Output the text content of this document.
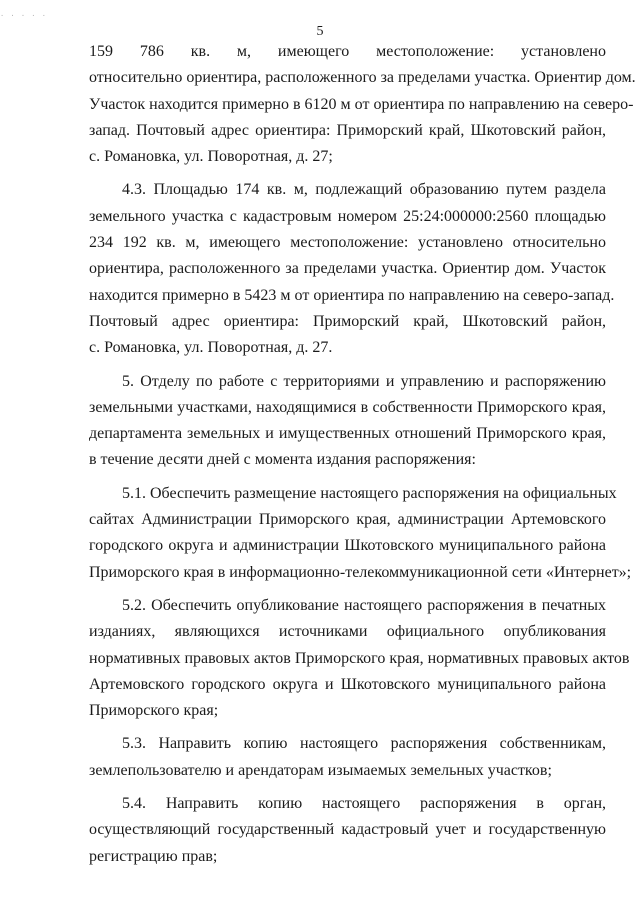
· · · · ·
5
159 786 кв. м, имеющего местоположение: установлено
относительно ориентира, расположенного за пределами участка. Ориентир дом.
Участок находится примерно в 6120 м от ориентира по направлению на северо-
запад. Почтовый адрес ориентира: Приморский край, Шкотовский район,
с. Романовка, ул. Поворотная, д. 27;
4.3. Площадью 174 кв. м, подлежащий образованию путем раздела
земельного участка с кадастровым номером 25:24:000000:2560 площадью
234 192 кв. м, имеющего местоположение: установлено относительно
ориентира, расположенного за пределами участка. Ориентир дом. Участок
находится примерно в 5423 м от ориентира по направлению на северо-запад.
Почтовый адрес ориентира: Приморский край, Шкотовский район,
с. Романовка, ул. Поворотная, д. 27.
5. Отделу по работе с территориями и управлению и распоряжению
земельными участками, находящимися в собственности Приморского края,
департамента земельных и имущественных отношений Приморского края,
в течение десяти дней с момента издания распоряжения:
5.1. Обеспечить размещение настоящего распоряжения на официальных
сайтах Администрации Приморского края, администрации Артемовского
городского округа и администрации Шкотовского муниципального района
Приморского края в информационно-телекоммуникационной сети «Интернет»;
5.2. Обеспечить опубликование настоящего распоряжения в печатных
изданиях, являющихся источниками официального опубликования
нормативных правовых актов Приморского края, нормативных правовых актов
Артемовского городского округа и Шкотовского муниципального района
Приморского края;
5.3. Направить копию настоящего распоряжения собственникам,
землепользователю и арендаторам изымаемых земельных участков;
5.4. Направить копию настоящего распоряжения в орган,
осуществляющий государственный кадастровый учет и государственную
регистрацию прав;
